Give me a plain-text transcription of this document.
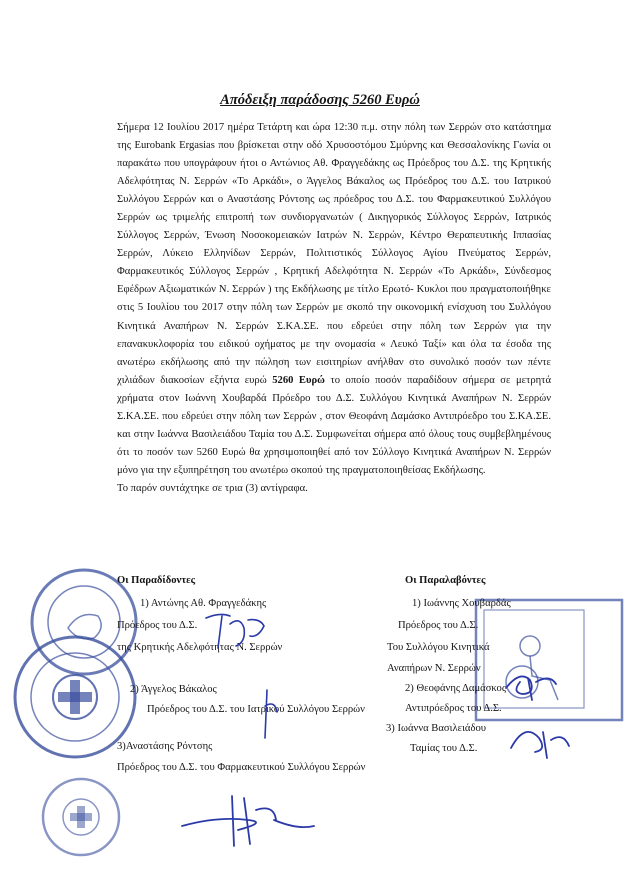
Απόδειξη παράδοσης 5260 Ευρώ

Σήμερα 12 Ιουλίου 2017 ημέρα Τετάρτη και ώρα 12:30 π.μ. στην πόλη των Σερρών στο κατάστημα της Eurobank Ergasias που βρίσκεται στην οδό Χρυσοστόμου Σμύρνης και Θεσσαλονίκης Γωνία οι παρακάτω που υπογράφουν ήτοι ο Αντώνιος Αθ. Φραγγεδάκης ως Πρόεδρος του Δ.Σ. της Κρητικής Αδελφότητας Ν. Σερρών «Το Αρκάδι», ο Άγγελος Βάκαλος ως Πρόεδρος του Δ.Σ. του Ιατρικού Συλλόγου Σερρών και ο Αναστάσης Ρόντσης ως πρόεδρος του Δ.Σ. του Φαρμακευτικού Συλλόγου Σερρών ως τριμελής επιτροπή των συνδιοργανωτών ( Δικηγορικός Σύλλογος Σερρών, Ιατρικός Σύλλογος Σερρών, Ένωση Νοσοκομειακών Ιατρών Ν. Σερρών, Κέντρο Θεραπευτικής Ιππασίας Σερρών, Λύκειο Ελληνίδων Σερρών, Πολιτιστικός Σύλλογος Αγίου Πνεύματος Σερρών, Φαρμακευτικός Σύλλογος Σερρών , Κρητική Αδελφότητα Ν. Σερρών «Το Αρκάδι», Σύνδεσμος Εφέδρων Αξιωματικών Ν. Σερρών ) της Εκδήλωσης με τίτλο Ερωτό- Κυκλοι που πραγματοποιήθηκε στις 5 Ιουλίου του 2017 στην πόλη των Σερρών με σκοπό την οικονομική ενίσχυση του Συλλόγου Κινητικά Αναπήρων Ν. Σερρών Σ.ΚΑ.ΣΕ. που εδρεύει στην πόλη των Σερρών για την επανακυκλοφορία του ειδικού οχήματος με την ονομασία « Λευκό Ταξί» και όλα τα έσοδα της ανωτέρω εκδήλωσης από την πώληση των εισιτηρίων ανήλθαν στο συνολικό ποσόν των πέντε χιλιάδων διακοσίων εξήντα ευρώ 5260 Ευρώ το οποίο ποσόν παραδίδουν σήμερα σε μετρητά χρήματα στον Ιωάννη Χουβαρδά Πρόεδρο του Δ.Σ. Συλλόγου Κινητικά Αναπήρων Ν. Σερρών Σ.ΚΑ.ΣΕ. που εδρεύει στην πόλη των Σερρών , στον Θεοφάνη Δαμάσκο Αντιπρόεδρο του Σ.ΚΑ.ΣΕ. και στην Ιωάννα Βασιλειάδου Ταμία του Δ.Σ. Συμφωνείται σήμερα από όλους τους συμβεβλημένους ότι το ποσόν των 5260 Ευρώ θα χρησιμοποιηθεί από τον Σύλλογο Κινητικά Αναπήρων Ν. Σερρών μόνο για την εξυπηρέτηση του ανωτέρω σκοπού της πραγματοποιηθείσας Εκδήλωσης.

Το παρόν συντάχτηκε σε τρια (3) αντίγραφα.

Οι Παραδίδοντες
1) Αντώνης Αθ. Φραγγεδάκης
Πρόεδρος του Δ.Σ.
της Κρητικής Αδελφότητας Ν. Σερρών
2) Άγγελος Βάκαλος
Πρόεδρος του Δ.Σ. του Ιατρικού Συλλόγου Σερρών
3)Αναστάσης Ρόντσης
Πρόεδρος του Δ.Σ. του Φαρμακευτικού Συλλόγου Σερρών
Οι Παραλαβόντες
1) Ιωάννης Χουβαρδάς
Πρόεδρος του Δ.Σ.
Του Συλλόγου Κινητικά
Αναπήρων Ν. Σερρών
2) Θεοφάνης Δαμάσκος
Αντιπρόεδρος του Δ.Σ.
3) Ιωάννα Βασιλειάδου
Ταμίας του Δ.Σ.
